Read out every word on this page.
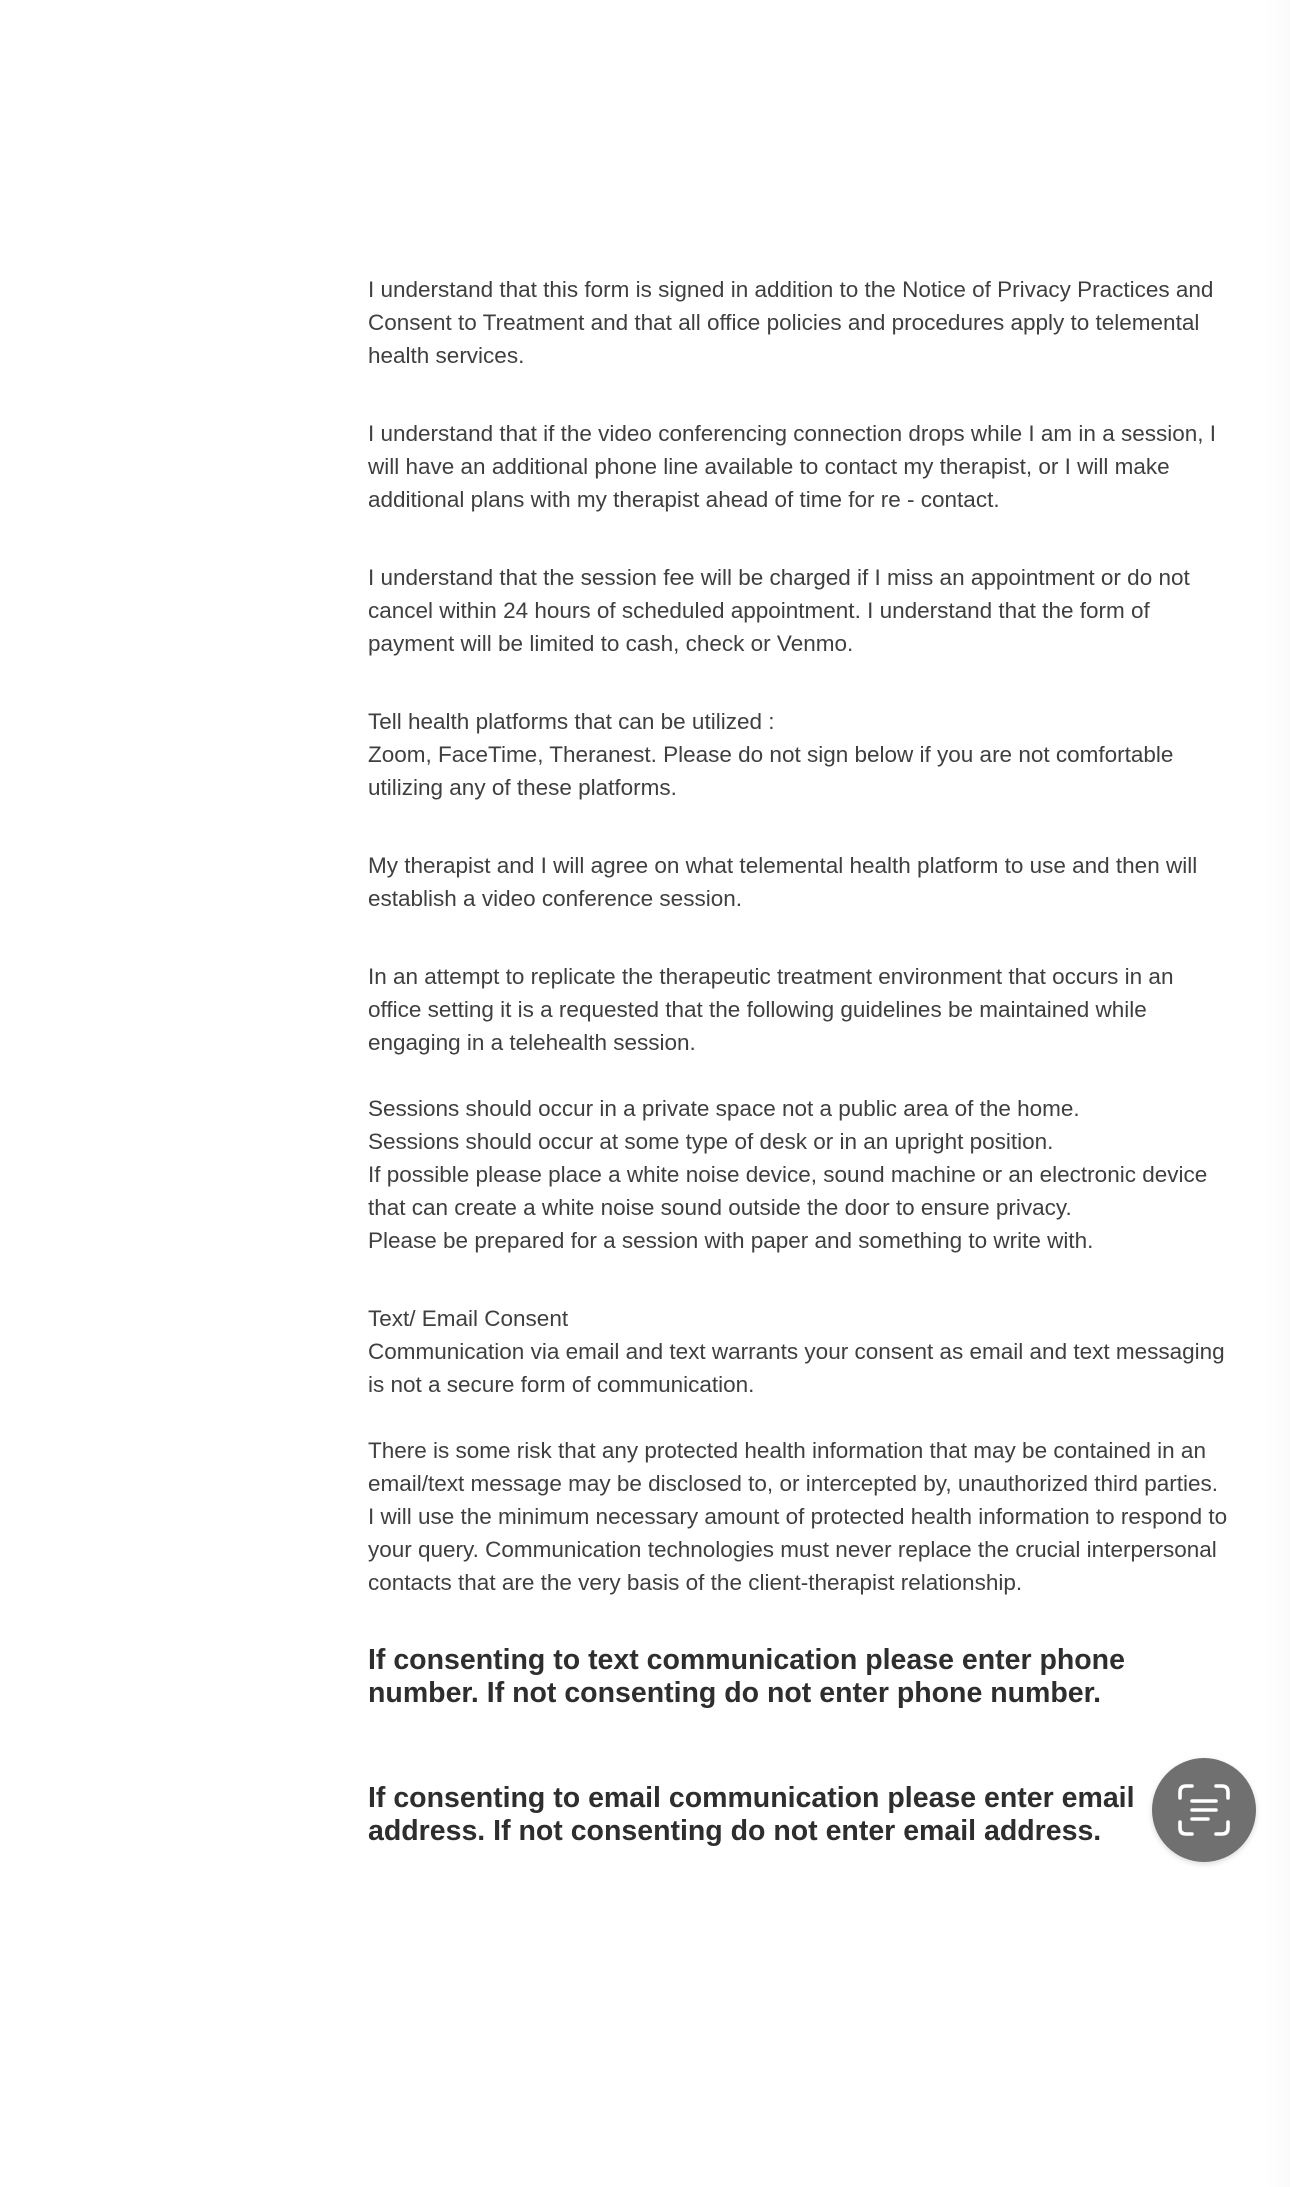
I understand that this form is signed in addition to the Notice of Privacy Practices and
Consent to Treatment and that all office policies and procedures apply to telemental
health services.

I understand that if the video conferencing connection drops while I am in a session, I
will have an additional phone line available to contact my therapist, or I will make
additional plans with my therapist ahead of time for re - contact.

I understand that the session fee will be charged if I miss an appointment or do not
cancel within 24 hours of scheduled appointment. I understand that the form of
payment will be limited to cash, check or Venmo.

Tell health platforms that can be utilized :
Zoom, FaceTime, Theranest. Please do not sign below if you are not comfortable
utilizing any of these platforms.

My therapist and I will agree on what telemental health platform to use and then will
establish a video conference session.

In an attempt to replicate the therapeutic treatment environment that occurs in an
office setting it is a requested that the following guidelines be maintained while
engaging in a telehealth session.

Sessions should occur in a private space not a public area of the home.
Sessions should occur at some type of desk or in an upright position.
If possible please place a white noise device, sound machine or an electronic device
that can create a white noise sound outside the door to ensure privacy.
Please be prepared for a session with paper and something to write with.

Text/ Email Consent
Communication via email and text warrants your consent as email and text messaging
is not a secure form of communication.

There is some risk that any protected health information that may be contained in an
email/text message may be disclosed to, or intercepted by, unauthorized third parties.
I will use the minimum necessary amount of protected health information to respond to
your query. Communication technologies must never replace the crucial interpersonal
contacts that are the very basis of the client-therapist relationship.

If consenting to text communication please enter phone
number. If not consenting do not enter phone number.

If consenting to email communication please enter email
address. If not consenting do not enter email address.
